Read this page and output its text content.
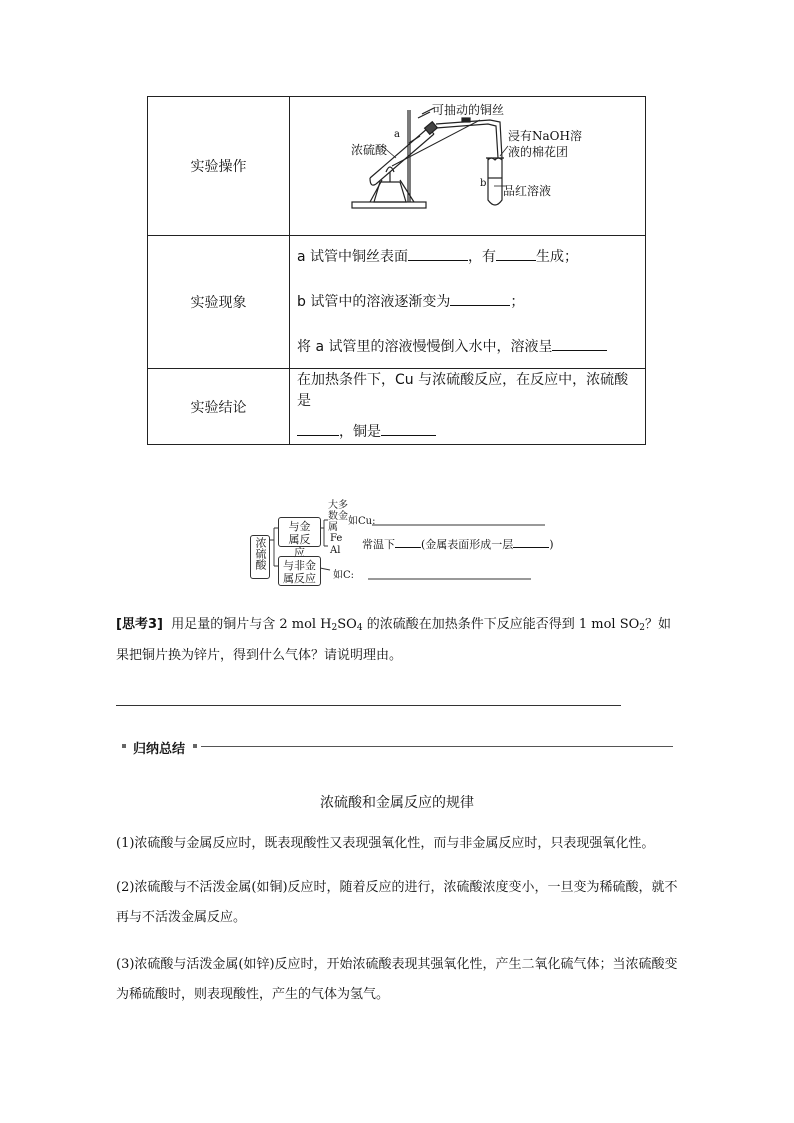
实验操作	
实验现象	a 试管中铜丝表面 ，有 生成；

b 试管中的溶液逐渐变为 ；

将 a 试管里的溶液慢慢倒入水中，溶液呈

实验结论	在加热条件下，Cu 与浓硫酸反应，在反应中，浓硫酸是

，铜是

可抽动的铜丝
浓硫酸
a	浸有NaOH溶
液的棉花团
b
品红溶液
浓硫酸
与金属反应
与非金属反应
大多数金属
如Cu:
Fe
Al 常温下 (金属表面形成一层	)
如C:
[思考3] 用足量的铜片与含 2 mol $H_2SO_4$ 的浓硫酸在加热条件下反应能否得到 1 mol $SO_2$？如
果把铜片换为锌片，得到什么气体？请说明理由。
归纳总结
浓硫酸和金属反应的规律
(1)浓硫酸与金属反应时，既表现酸性又表现强氧化性，而与非金属反应时，只表现强氧化性。
(2)浓硫酸与不活泼金属(如铜)反应时，随着反应的进行，浓硫酸浓度变小，一旦变为稀硫酸，就不再与不活泼金属反应。
(3)浓硫酸与活泼金属(如锌)反应时，开始浓硫酸表现其强氧化性，产生二氧化硫气体；当浓硫酸变为稀硫酸时，则表现酸性，产生的气体为氢气。
